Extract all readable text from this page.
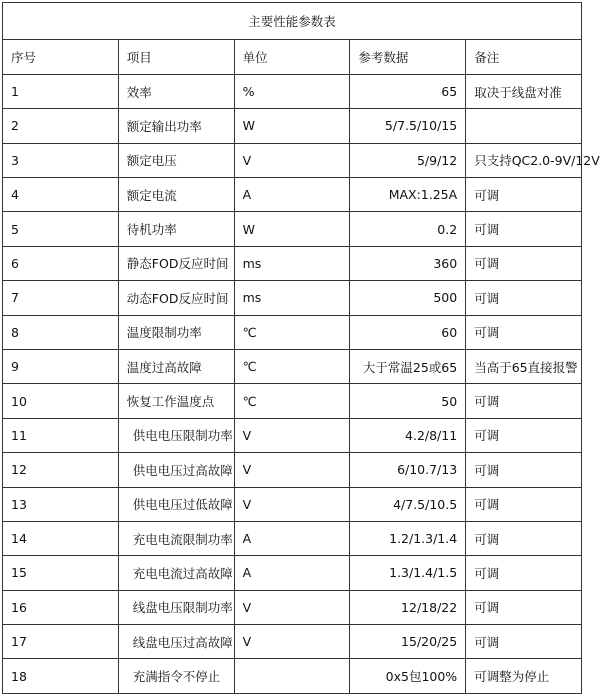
主要性能参数表				
序号	项目	单位	参考数据	备注
1	效率	%	65	取决于线盘对准
2	额定输出功率	W	5/7.5/10/15	
3	额定电压	V	5/9/12	只支持QC2.0-9V/12V
4	额定电流	A	MAX:1.25A	可调
5	待机功率	W	0.2	可调
6	静态FOD反应时间	ms	360	可调
7	动态FOD反应时间	ms	500	可调
8	温度限制功率	℃	60	可调
9	温度过高故障	℃	大于常温25或65	当高于65直接报警
10	恢复工作温度点	℃	50	可调
11	供电电压限制功率	V	4.2/8/11	可调
12	供电电压过高故障	V	6/10.7/13	可调
13	供电电压过低故障	V	4/7.5/10.5	可调
14	充电电流限制功率	A	1.2/1.3/1.4	可调
15	充电电流过高故障	A	1.3/1.4/1.5	可调
16	线盘电压限制功率	V	12/18/22	可调
17	线盘电压过高故障	V	15/20/25	可调
18	充满指令不停止		0x5包100%	可调整为停止
